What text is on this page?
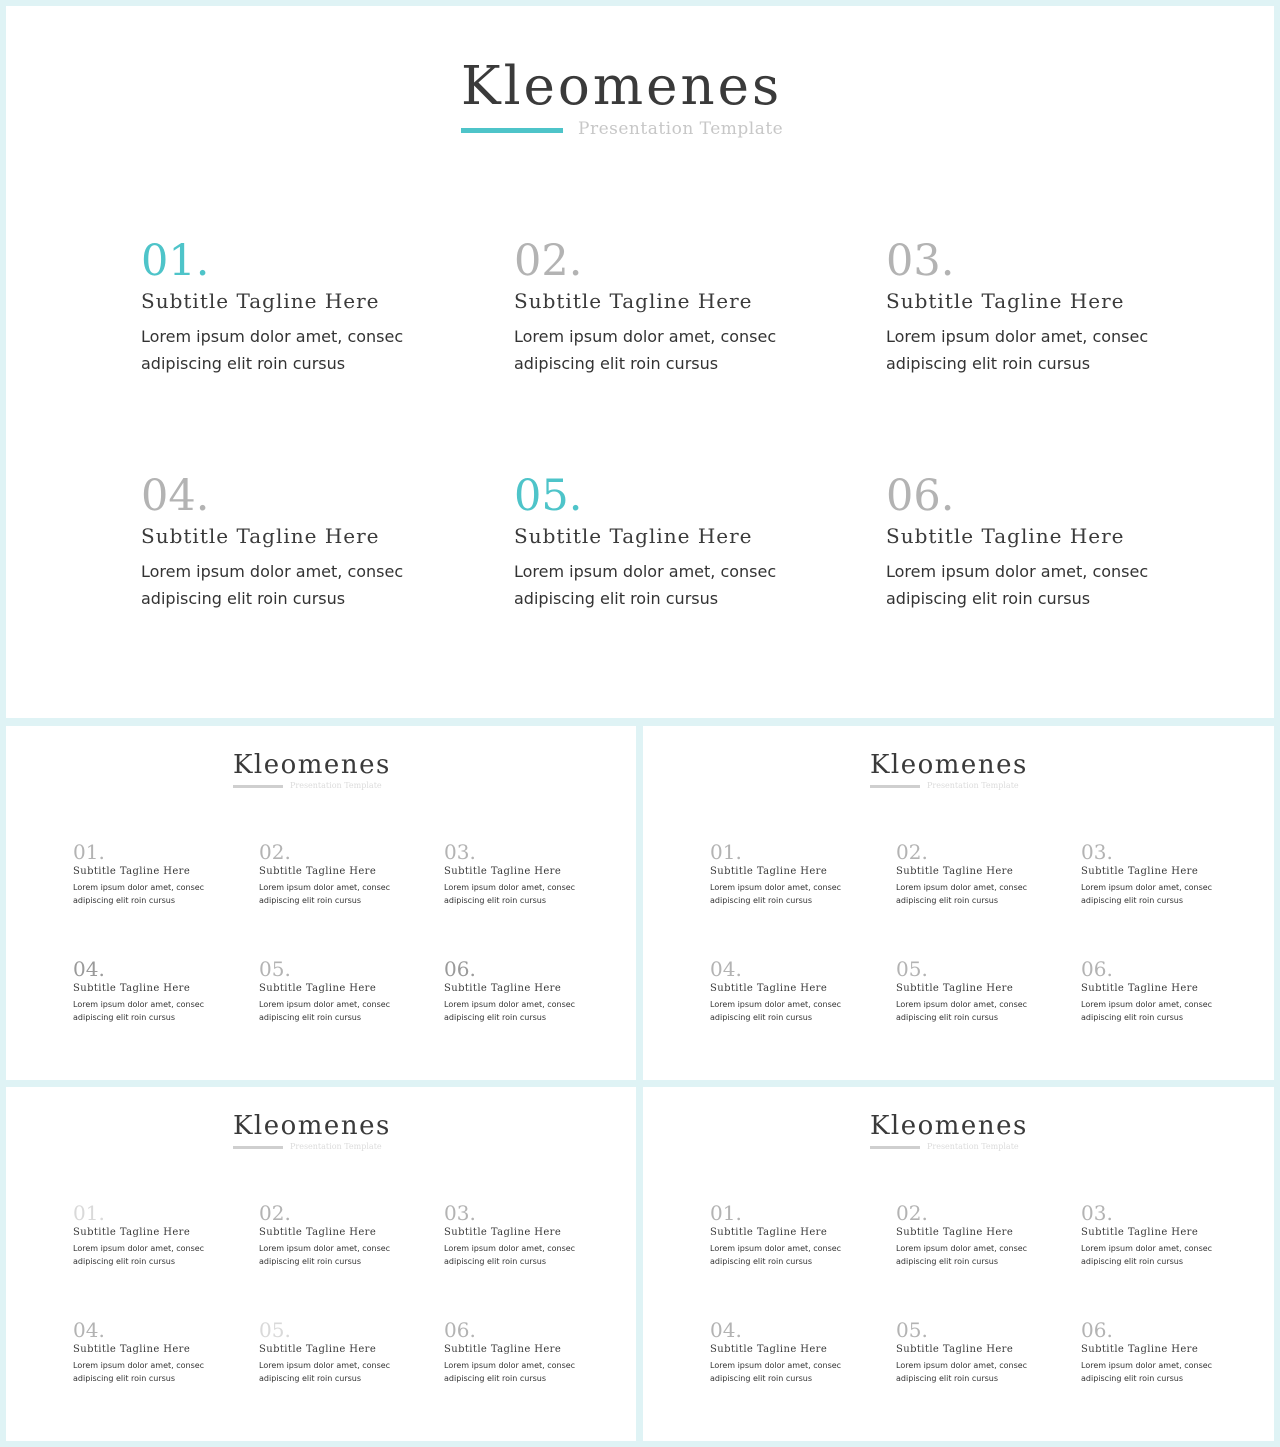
Kleomenes
Presentation Template
01.
Subtitle Tagline Here
Lorem ipsum dolor amet, consec
adipiscing elit roin cursus
02.
Subtitle Tagline Here
Lorem ipsum dolor amet, consec
adipiscing elit roin cursus
03.
Subtitle Tagline Here
Lorem ipsum dolor amet, consec
adipiscing elit roin cursus
04.
Subtitle Tagline Here
Lorem ipsum dolor amet, consec
adipiscing elit roin cursus
05.
Subtitle Tagline Here
Lorem ipsum dolor amet, consec
adipiscing elit roin cursus
06.
Subtitle Tagline Here
Lorem ipsum dolor amet, consec
adipiscing elit roin cursus
Kleomenes
Presentation Template
01.
Subtitle Tagline Here
Lorem ipsum dolor amet, consec
adipiscing elit roin cursus
02.
Subtitle Tagline Here
Lorem ipsum dolor amet, consec
adipiscing elit roin cursus
03.
Subtitle Tagline Here
Lorem ipsum dolor amet, consec
adipiscing elit roin cursus
04.
Subtitle Tagline Here
Lorem ipsum dolor amet, consec
adipiscing elit roin cursus
05.
Subtitle Tagline Here
Lorem ipsum dolor amet, consec
adipiscing elit roin cursus
06.
Subtitle Tagline Here
Lorem ipsum dolor amet, consec
adipiscing elit roin cursus
Kleomenes
Presentation Template
01.
Subtitle Tagline Here
Lorem ipsum dolor amet, consec
adipiscing elit roin cursus
02.
Subtitle Tagline Here
Lorem ipsum dolor amet, consec
adipiscing elit roin cursus
03.
Subtitle Tagline Here
Lorem ipsum dolor amet, consec
adipiscing elit roin cursus
04.
Subtitle Tagline Here
Lorem ipsum dolor amet, consec
adipiscing elit roin cursus
05.
Subtitle Tagline Here
Lorem ipsum dolor amet, consec
adipiscing elit roin cursus
06.
Subtitle Tagline Here
Lorem ipsum dolor amet, consec
adipiscing elit roin cursus
Kleomenes
Presentation Template
01.
Subtitle Tagline Here
Lorem ipsum dolor amet, consec
adipiscing elit roin cursus
02.
Subtitle Tagline Here
Lorem ipsum dolor amet, consec
adipiscing elit roin cursus
03.
Subtitle Tagline Here
Lorem ipsum dolor amet, consec
adipiscing elit roin cursus
04.
Subtitle Tagline Here
Lorem ipsum dolor amet, consec
adipiscing elit roin cursus
05.
Subtitle Tagline Here
Lorem ipsum dolor amet, consec
adipiscing elit roin cursus
06.
Subtitle Tagline Here
Lorem ipsum dolor amet, consec
adipiscing elit roin cursus
Kleomenes
Presentation Template
01.
Subtitle Tagline Here
Lorem ipsum dolor amet, consec
adipiscing elit roin cursus
02.
Subtitle Tagline Here
Lorem ipsum dolor amet, consec
adipiscing elit roin cursus
03.
Subtitle Tagline Here
Lorem ipsum dolor amet, consec
adipiscing elit roin cursus
04.
Subtitle Tagline Here
Lorem ipsum dolor amet, consec
adipiscing elit roin cursus
05.
Subtitle Tagline Here
Lorem ipsum dolor amet, consec
adipiscing elit roin cursus
06.
Subtitle Tagline Here
Lorem ipsum dolor amet, consec
adipiscing elit roin cursus
